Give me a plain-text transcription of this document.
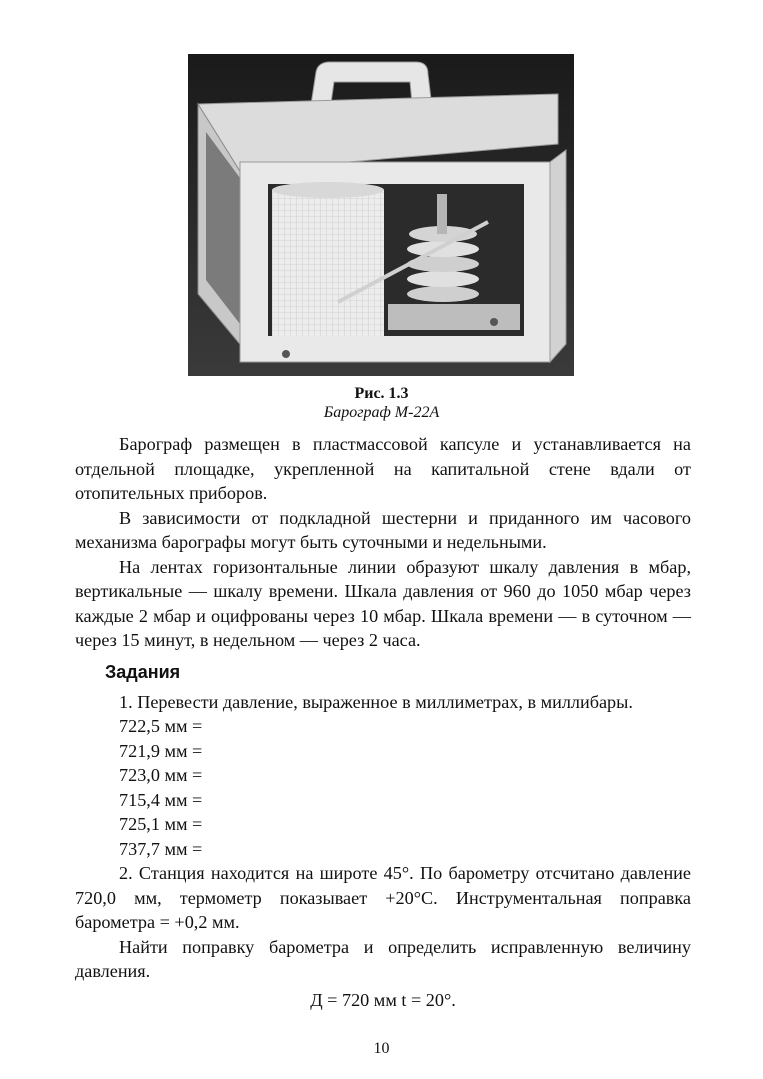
Рис. 1.3
Барограф М-22А

Барограф размещен в пластмассовой капсуле и устанавливается на отдельной площадке, укрепленной на капитальной стене вдали от отопительных приборов.

В зависимости от подкладной шестерни и приданного им часового механизма барографы могут быть суточными и недельными.

На лентах горизонтальные линии образуют шкалу давления в мбар, вертикальные — шкалу времени. Шкала давления от 960 до 1050 мбар через каждые 2 мбар и оцифрованы через 10 мбар. Шкала времени — в суточном — через 15 минут, в недельном — через 2 часа.

Задания

1. Перевести давление, выраженное в миллиметрах, в миллибары.

722,5 мм =
721,9 мм =
723,0 мм =
715,4 мм =
725,1 мм =
737,7 мм =

2. Станция находится на широте 45°. По барометру отсчитано давление 720,0 мм, термометр показывает +20°С. Инструментальная поправка барометра = +0,2 мм.

Найти поправку барометра и определить исправленную величину давления.

Д = 720 мм t = 20°.
10
